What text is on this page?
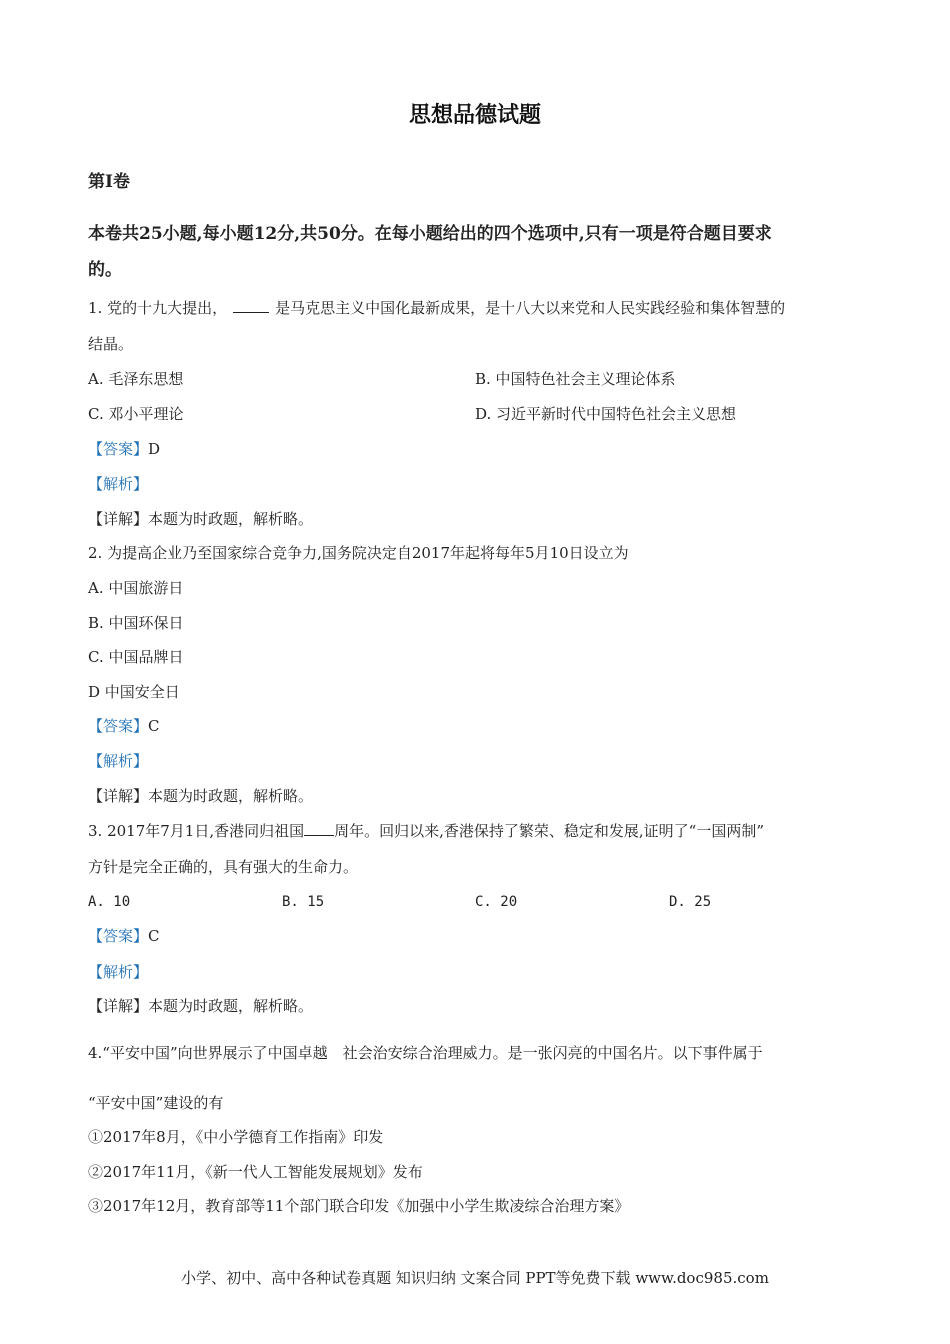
思想品德试题
第Ⅰ卷
本卷共25小题,每小题12分,共50分。在每小题给出的四个选项中,只有一项是符合题目要求
的。
1. 党的十九大提出，	是马克思主义中国化最新成果，是十八大以来党和人民实践经验和集体智慧的
结晶。
A. 毛泽东思想	B. 中国特色社会主义理论体系
C. 邓小平理论	D. 习近平新时代中国特色社会主义思想
【答案】D
【解析】
【详解】本题为时政题，解析略。
2. 为提高企业乃至国家综合竞争力,国务院决定自2017年起将每年5月10日设立为
A. 中国旅游日
B. 中国环保日
C. 中国品牌日
D 中国安全日
【答案】C
【解析】
【详解】本题为时政题，解析略。
3. 2017年7月1日,香港同归祖国 周年。回归以来,香港保持了繁荣、稳定和发展,证明了“一国两制”
方针是完全正确的，具有强大的生命力。
A. 10	B. 15	C. 20	D. 25
【答案】C
【解析】
【详解】本题为时政题，解析略。
4.“平安中国”向世界展示了中国卓越　社会治安综合治理威力。是一张闪亮的中国名片。以下事件属于
“平安中国”建设的有
①2017年8月，《中小学德育工作指南》印发
②2017年11月，《新一代人工智能发展规划》发布
③2017年12月，教育部等11个部门联合印发《加强中小学生欺凌综合治理方案》
小学、初中、高中各种试卷真题 知识归纳 文案合同 PPT等免费下载 www.doc985.com
